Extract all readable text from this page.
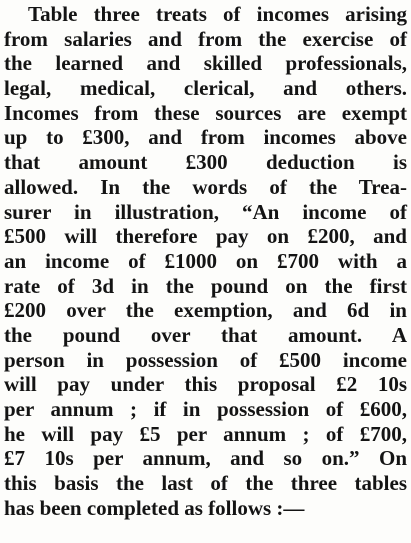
Table three treats of incomes arising
from salaries and from the exercise of
the learned and skilled professionals,
legal, medical, clerical, and others.
Incomes from these sources are exempt
up to £300, and from incomes above
that amount £300 deduction is
allowed. In the words of the Trea-
surer in illustration, “An income of
£500 will therefore pay on £200, and
an income of £1000 on £700 with a
rate of 3d in the pound on the first
£200 over the exemption, and 6d in
the pound over that amount. A
person in possession of £500 income
will pay under this proposal £2 10s
per annum ; if in possession of £600,
he will pay £5 per annum ; of £700,
£7 10s per annum, and so on.” On
this basis the last of the three tables
has been completed as follows :—
